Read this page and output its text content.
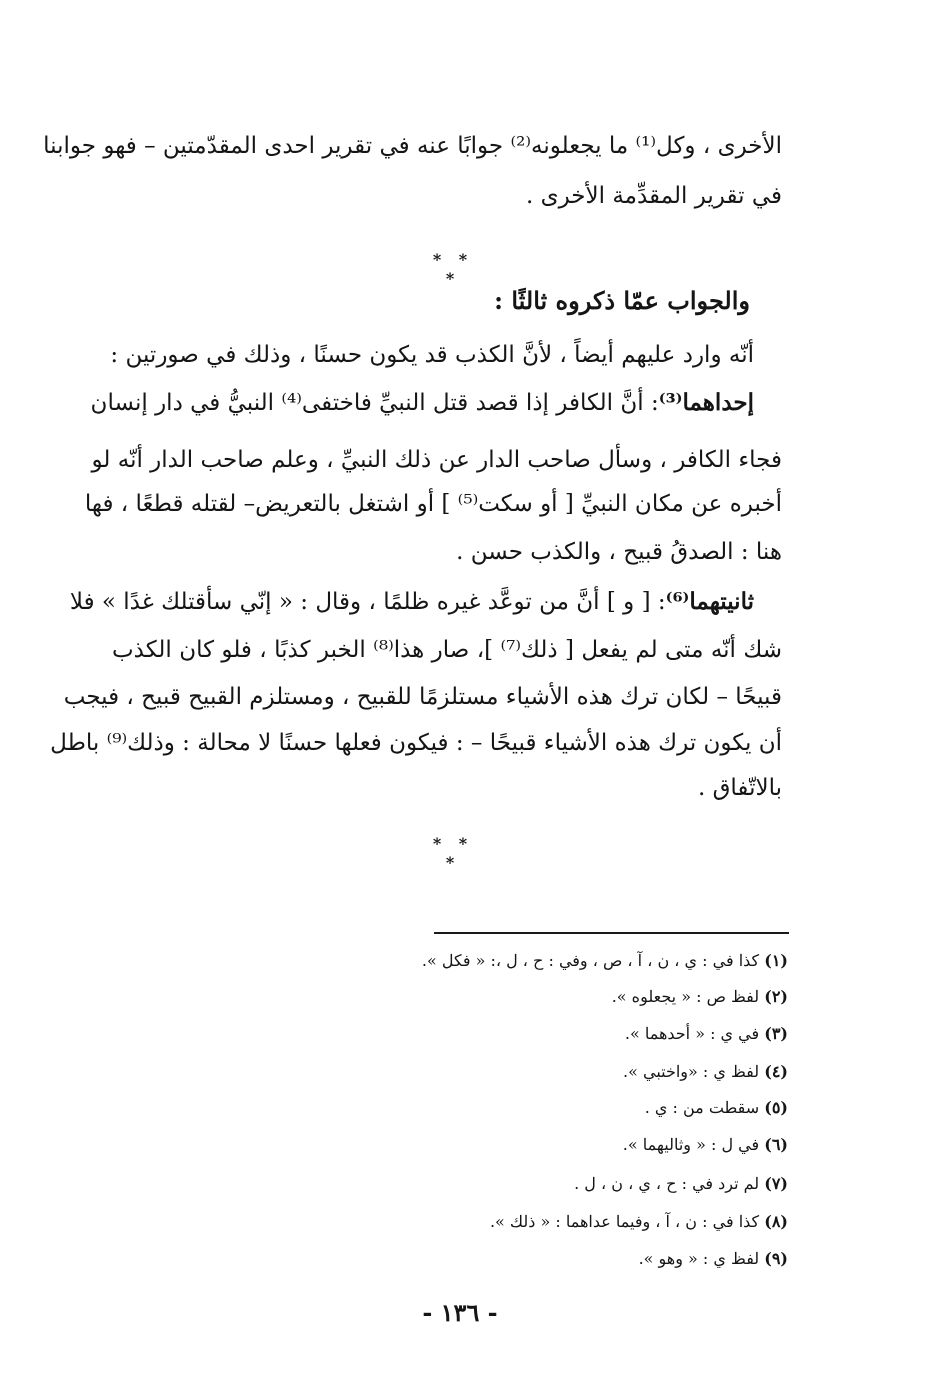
الأخرى ، وكل⁽¹⁾ ما يجعلونه⁽²⁾ جوابًا عنه في تقرير احدى المقدّمتين – فهو جوابنا
في تقرير المقدِّمة الأخرى .
* * *
والجواب عمّا ذكروه ثالثًا :
أنّه وارد عليهم أيضاً ، لأنَّ الكذب قد يكون حسنًا ، وذلك في صورتين :
إحداهما⁽³⁾: أنَّ الكافر إذا قصد قتل النبيِّ فاختفى⁽⁴⁾ النبيُّ في دار إنسان
فجاء الكافر ، وسأل صاحب الدار عن ذلك النبيِّ ، وعلم صاحب الدار أنّه لو
أخبره عن مكان النبيِّ [ أو سكت⁽⁵⁾ ] أو اشتغل بالتعريض– لقتله قطعًا ، فها
هنا : الصدقُ قبيح ، والكذب حسن .
ثانيتهما⁽⁶⁾: [ و ] أنَّ من توعَّد غيره ظلمًا ، وقال : « إنّي سأقتلك غدًا » فلا
شك أنّه متى لم يفعل [ ذلك⁽⁷⁾ ]، صار هذا⁽⁸⁾ الخبر كذبًا ، فلو كان الكذب
قبيحًا – لكان ترك هذه الأشياء مستلزمًا للقبيح ، ومستلزم القبيح قبيح ، فيجب
أن يكون ترك هذه الأشياء قبيحًا – : فيكون فعلها حسنًا لا محالة : وذلك⁽⁹⁾ باطل
بالاتّفاق .
* * *
(١) كذا في : ي ، ن ، آ ، ص ، وفي : ح ، ل ،: « فكل ».
(٢) لفظ ص : « يجعلوه ».
(٣) في ي : « أحدهما ».
(٤) لفظ ي : «واختبي ».
(٥) سقطت من : ي .
(٦) في ل : « وثاليهما ».
(٧) لم ترد في : ح ، ي ، ن ، ل .
(٨) كذا في : ن ، آ ، وفيما عداهما : « ذلك ».
(٩) لفظ ي : « وهو ».
- ١٣٦ -
